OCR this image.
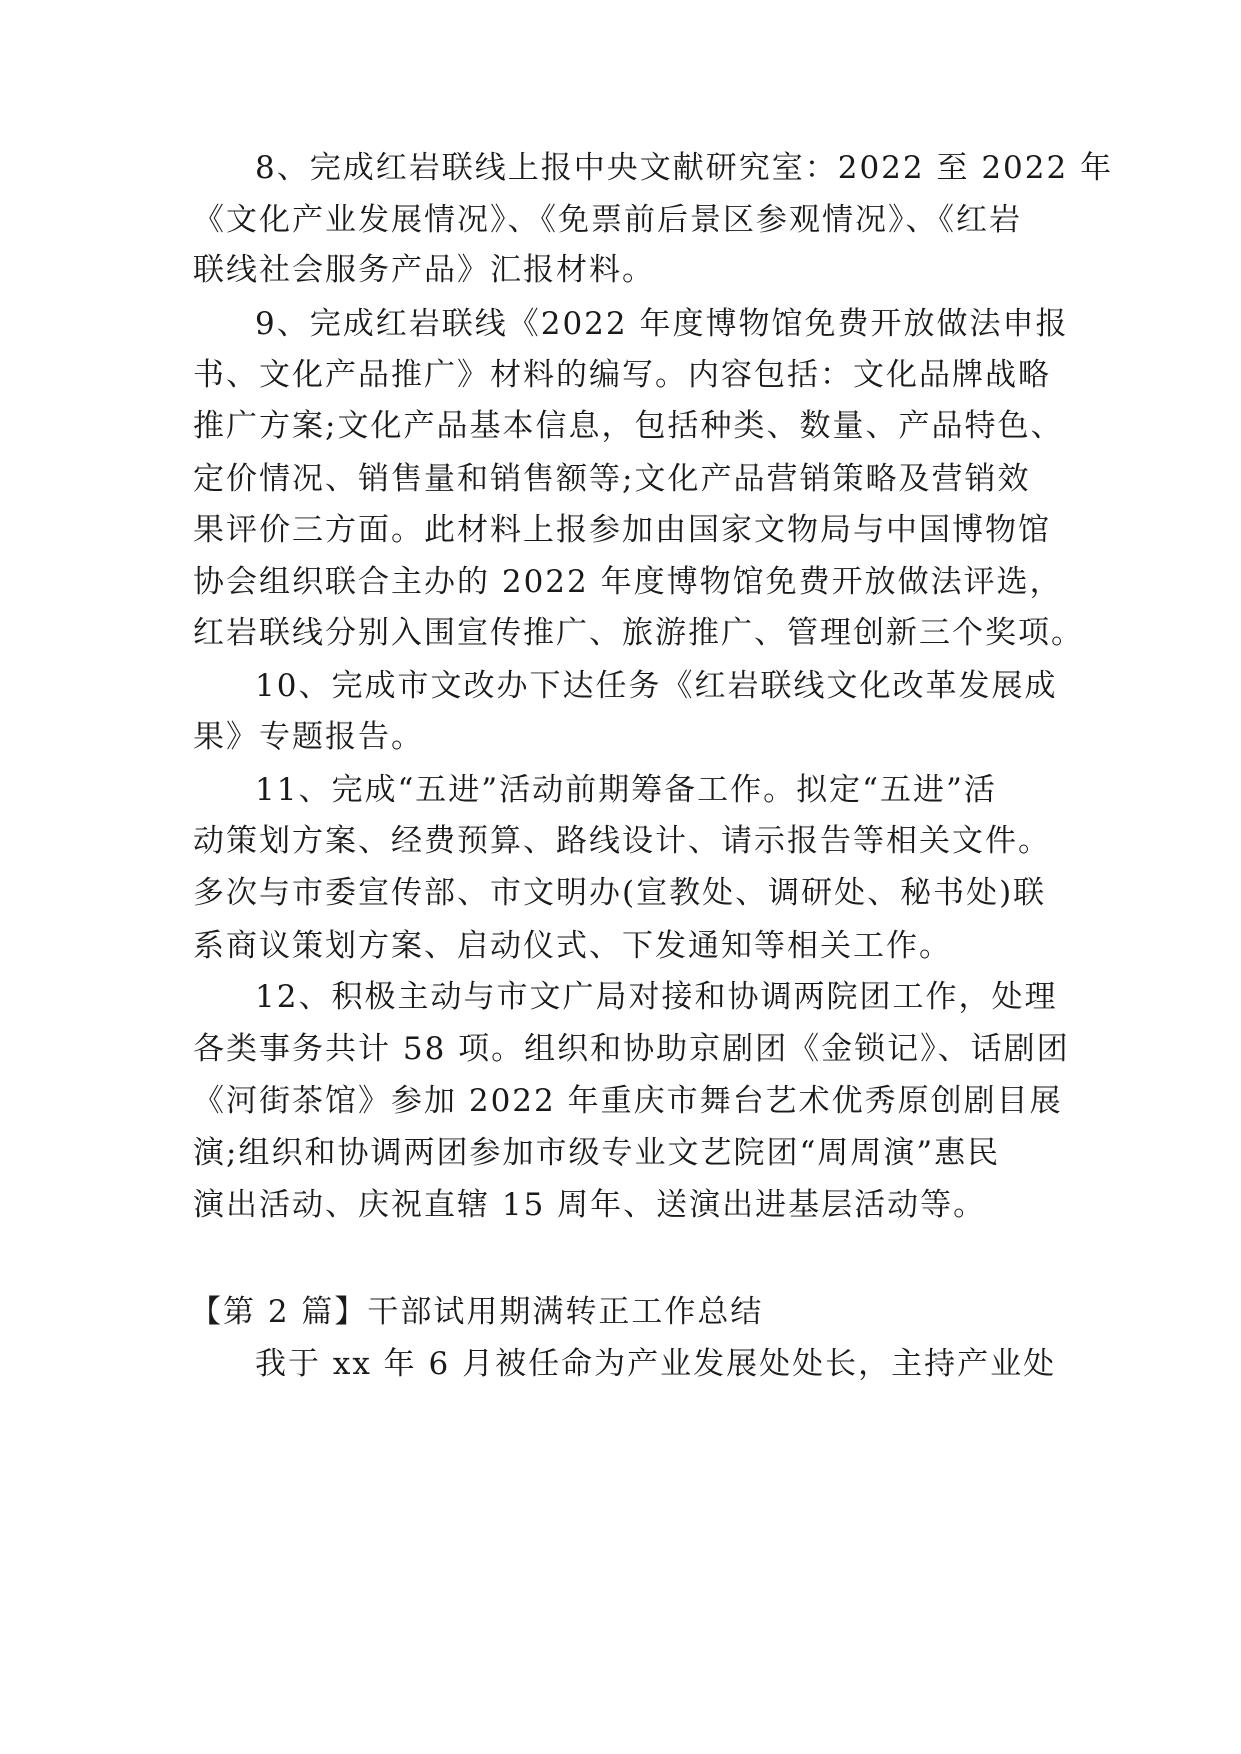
8、完成红岩联线上报中央文献研究室：2022 至 2022 年
《文化产业发展情况》、《免票前后景区参观情况》、《红岩
联线社会服务产品》汇报材料。
9、完成红岩联线《2022 年度博物馆免费开放做法申报
书、文化产品推广》材料的编写。内容包括：文化品牌战略
推广方案;文化产品基本信息，包括种类、数量、产品特色、
定价情况、销售量和销售额等;文化产品营销策略及营销效
果评价三方面。此材料上报参加由国家文物局与中国博物馆
协会组织联合主办的 2022 年度博物馆免费开放做法评选，
红岩联线分别入围宣传推广、旅游推广、管理创新三个奖项。
10、完成市文改办下达任务《红岩联线文化改革发展成
果》专题报告。
11、完成“五进”活动前期筹备工作。拟定“五进”活
动策划方案、经费预算、路线设计、请示报告等相关文件。
多次与市委宣传部、市文明办(宣教处、调研处、秘书处)联
系商议策划方案、启动仪式、下发通知等相关工作。
12、积极主动与市文广局对接和协调两院团工作，处理
各类事务共计 58 项。组织和协助京剧团《金锁记》、话剧团
《河街茶馆》参加 2022 年重庆市舞台艺术优秀原创剧目展
演;组织和协调两团参加市级专业文艺院团“周周演”惠民
演出活动、庆祝直辖 15 周年、送演出进基层活动等。
【第 2 篇】干部试用期满转正工作总结
我于 xx 年 6 月被任命为产业发展处处长，主持产业处
